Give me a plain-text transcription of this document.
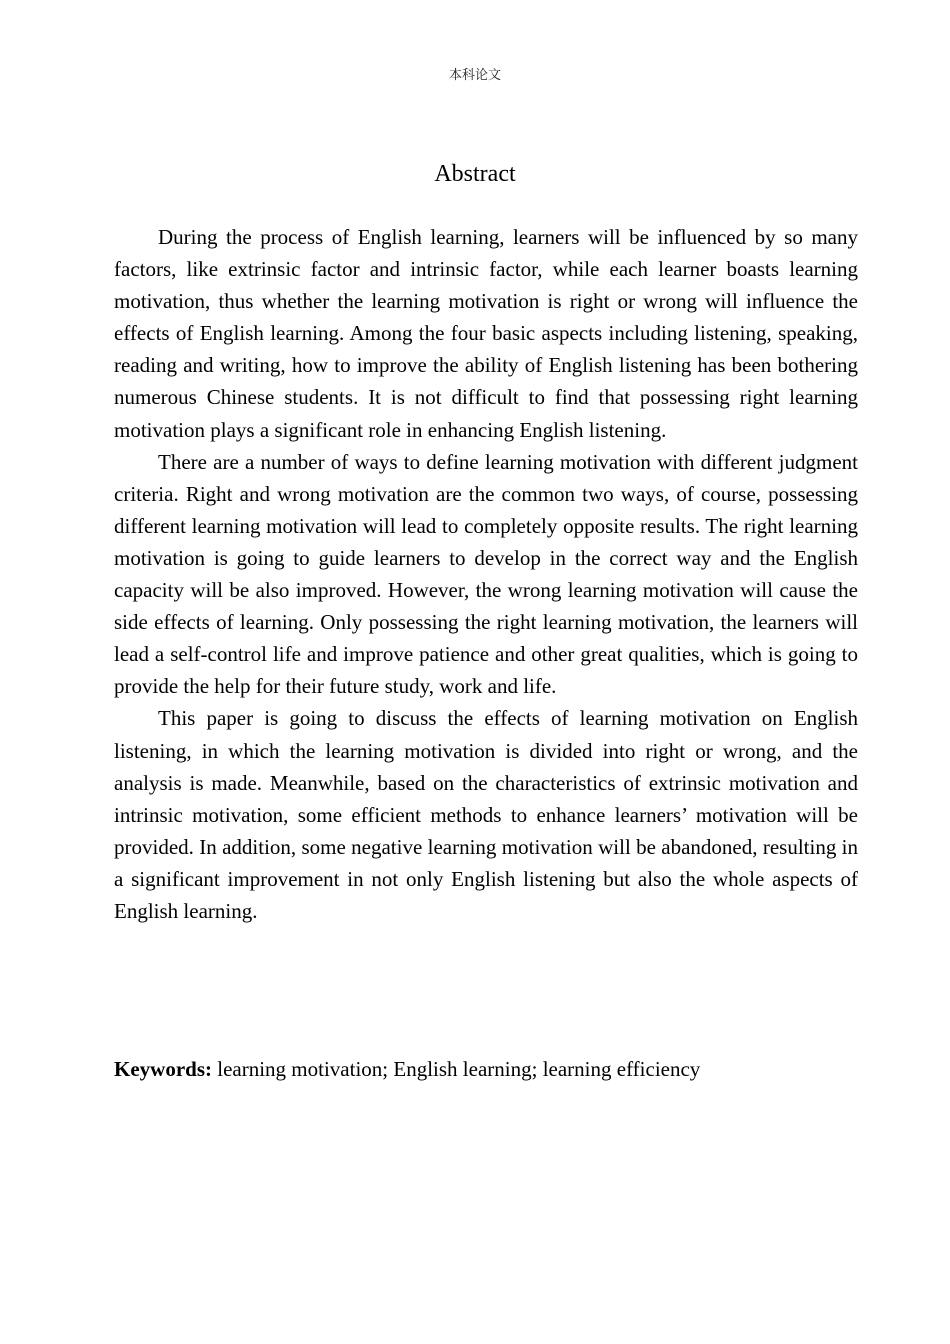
本科论文
Abstract

During the process of English learning, learners will be influenced by so many factors, like extrinsic factor and intrinsic factor, while each learner boasts learning motivation, thus whether the learning motivation is right or wrong will influence the effects of English learning. Among the four basic aspects including listening, speaking, reading and writing, how to improve the ability of English listening has been bothering numerous Chinese students. It is not difficult to find that possessing right learning motivation plays a significant role in enhancing English listening.

There are a number of ways to define learning motivation with different judgment criteria. Right and wrong motivation are the common two ways, of course, possessing different learning motivation will lead to completely opposite results. The right learning motivation is going to guide learners to develop in the correct way and the English capacity will be also improved. However, the wrong learning motivation will cause the side effects of learning. Only possessing the right learning motivation, the learners will lead a self-control life and improve patience and other great qualities, which is going to provide the help for their future study, work and life.

This paper is going to discuss the effects of learning motivation on English listening, in which the learning motivation is divided into right or wrong, and the analysis is made. Meanwhile, based on the characteristics of extrinsic motivation and intrinsic motivation, some efficient methods to enhance learners’ motivation will be provided. In addition, some negative learning motivation will be abandoned, resulting in a significant improvement in not only English listening but also the whole aspects of English learning.

Keywords: learning motivation; English learning; learning efficiency
